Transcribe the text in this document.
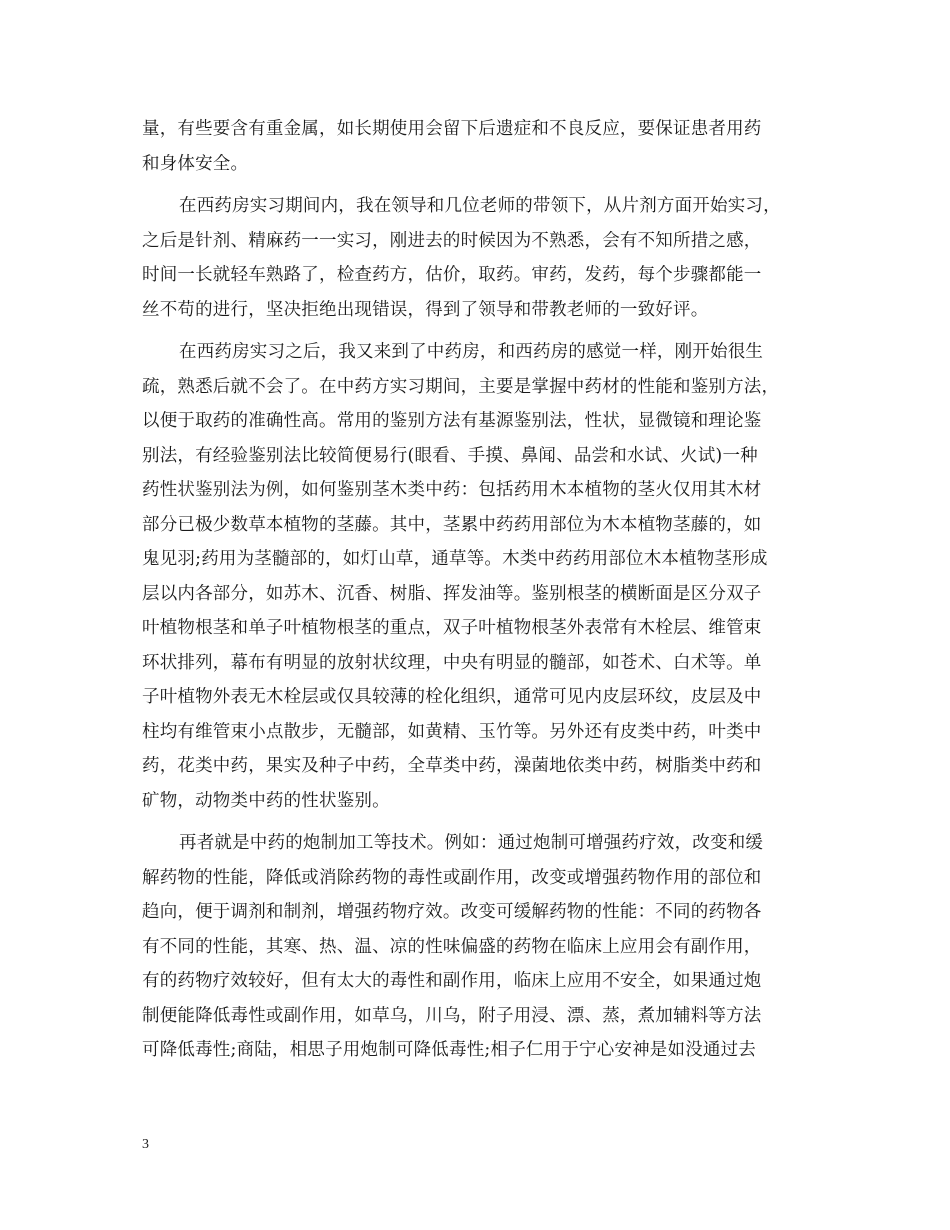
量，有些要含有重金属，如长期使用会留下后遗症和不良反应，要保证患者用药
和身体安全。

在西药房实习期间内，我在领导和几位老师的带领下，从片剂方面开始实习，
之后是针剂、精麻药一一实习，刚进去的时候因为不熟悉，会有不知所措之感，
时间一长就轻车熟路了，检查药方，估价，取药。审药，发药，每个步骤都能一
丝不苟的进行，坚决拒绝出现错误，得到了领导和带教老师的一致好评。

在西药房实习之后，我又来到了中药房，和西药房的感觉一样，刚开始很生
疏，熟悉后就不会了。在中药方实习期间，主要是掌握中药材的性能和鉴别方法，
以便于取药的准确性高。常用的鉴别方法有基源鉴别法，性状，显微镜和理论鉴
别法，有经验鉴别法比较简便易行(眼看、手摸、鼻闻、品尝和水试、火试)一种
药性状鉴别法为例，如何鉴别茎木类中药：包括药用木本植物的茎火仅用其木材
部分已极少数草本植物的茎藤。其中，茎累中药药用部位为木本植物茎藤的，如
鬼见羽;药用为茎髓部的，如灯山草，通草等。木类中药药用部位木本植物茎形成
层以内各部分，如苏木、沉香、树脂、挥发油等。鉴别根茎的横断面是区分双子
叶植物根茎和单子叶植物根茎的重点，双子叶植物根茎外表常有木栓层、维管束
环状排列，幕布有明显的放射状纹理，中央有明显的髓部，如苍术、白术等。单
子叶植物外表无木栓层或仅具较薄的栓化组织，通常可见内皮层环纹，皮层及中
柱均有维管束小点散步，无髓部，如黄精、玉竹等。另外还有皮类中药，叶类中
药，花类中药，果实及种子中药，全草类中药，澡菌地依类中药，树脂类中药和
矿物，动物类中药的性状鉴别。

再者就是中药的炮制加工等技术。例如：通过炮制可增强药疗效，改变和缓
解药物的性能，降低或消除药物的毒性或副作用，改变或增强药物作用的部位和
趋向，便于调剂和制剂，增强药物疗效。改变可缓解药物的性能：不同的药物各
有不同的性能，其寒、热、温、凉的性味偏盛的药物在临床上应用会有副作用，
有的药物疗效较好，但有太大的毒性和副作用，临床上应用不安全，如果通过炮
制便能降低毒性或副作用，如草乌，川乌，附子用浸、漂、蒸，煮加辅料等方法
可降低毒性;商陆，相思子用炮制可降低毒性;相子仁用于宁心安神是如没通过去

3
